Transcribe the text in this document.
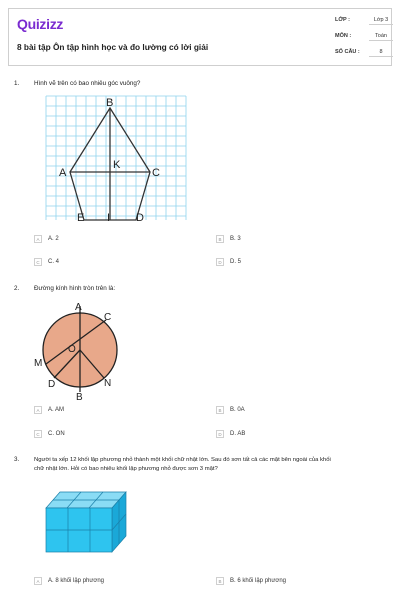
Quizizz
8 bài tập Ôn tập hình học và đo lường có lời giải
LỚP :	Lớp 3
MÔN :	Toán
SỐ CÂU :	8
1. Hình vẽ trên có bao nhiêu góc vuông?
B
A	C
K
E I D
A	A. 2	B	B. 3
C	C. 4	D	D. 5
2. Đường kính hình tròn trên là:
A
C
M
O
D	N
B
A	A. AM	B	B. 0A
C	C. ON	D	D. AB
3. Người ta xếp 12 khối lập phương nhỏ thành một khối chữ nhật lớn. Sau đó sơn tất cả các mặt bên ngoài của khối
chữ nhật lớn. Hỏi có bao nhiêu khối lập phương nhỏ được sơn 3 mặt?
A	A. 8 khối lập phương	B	B. 6 khối lập phương
